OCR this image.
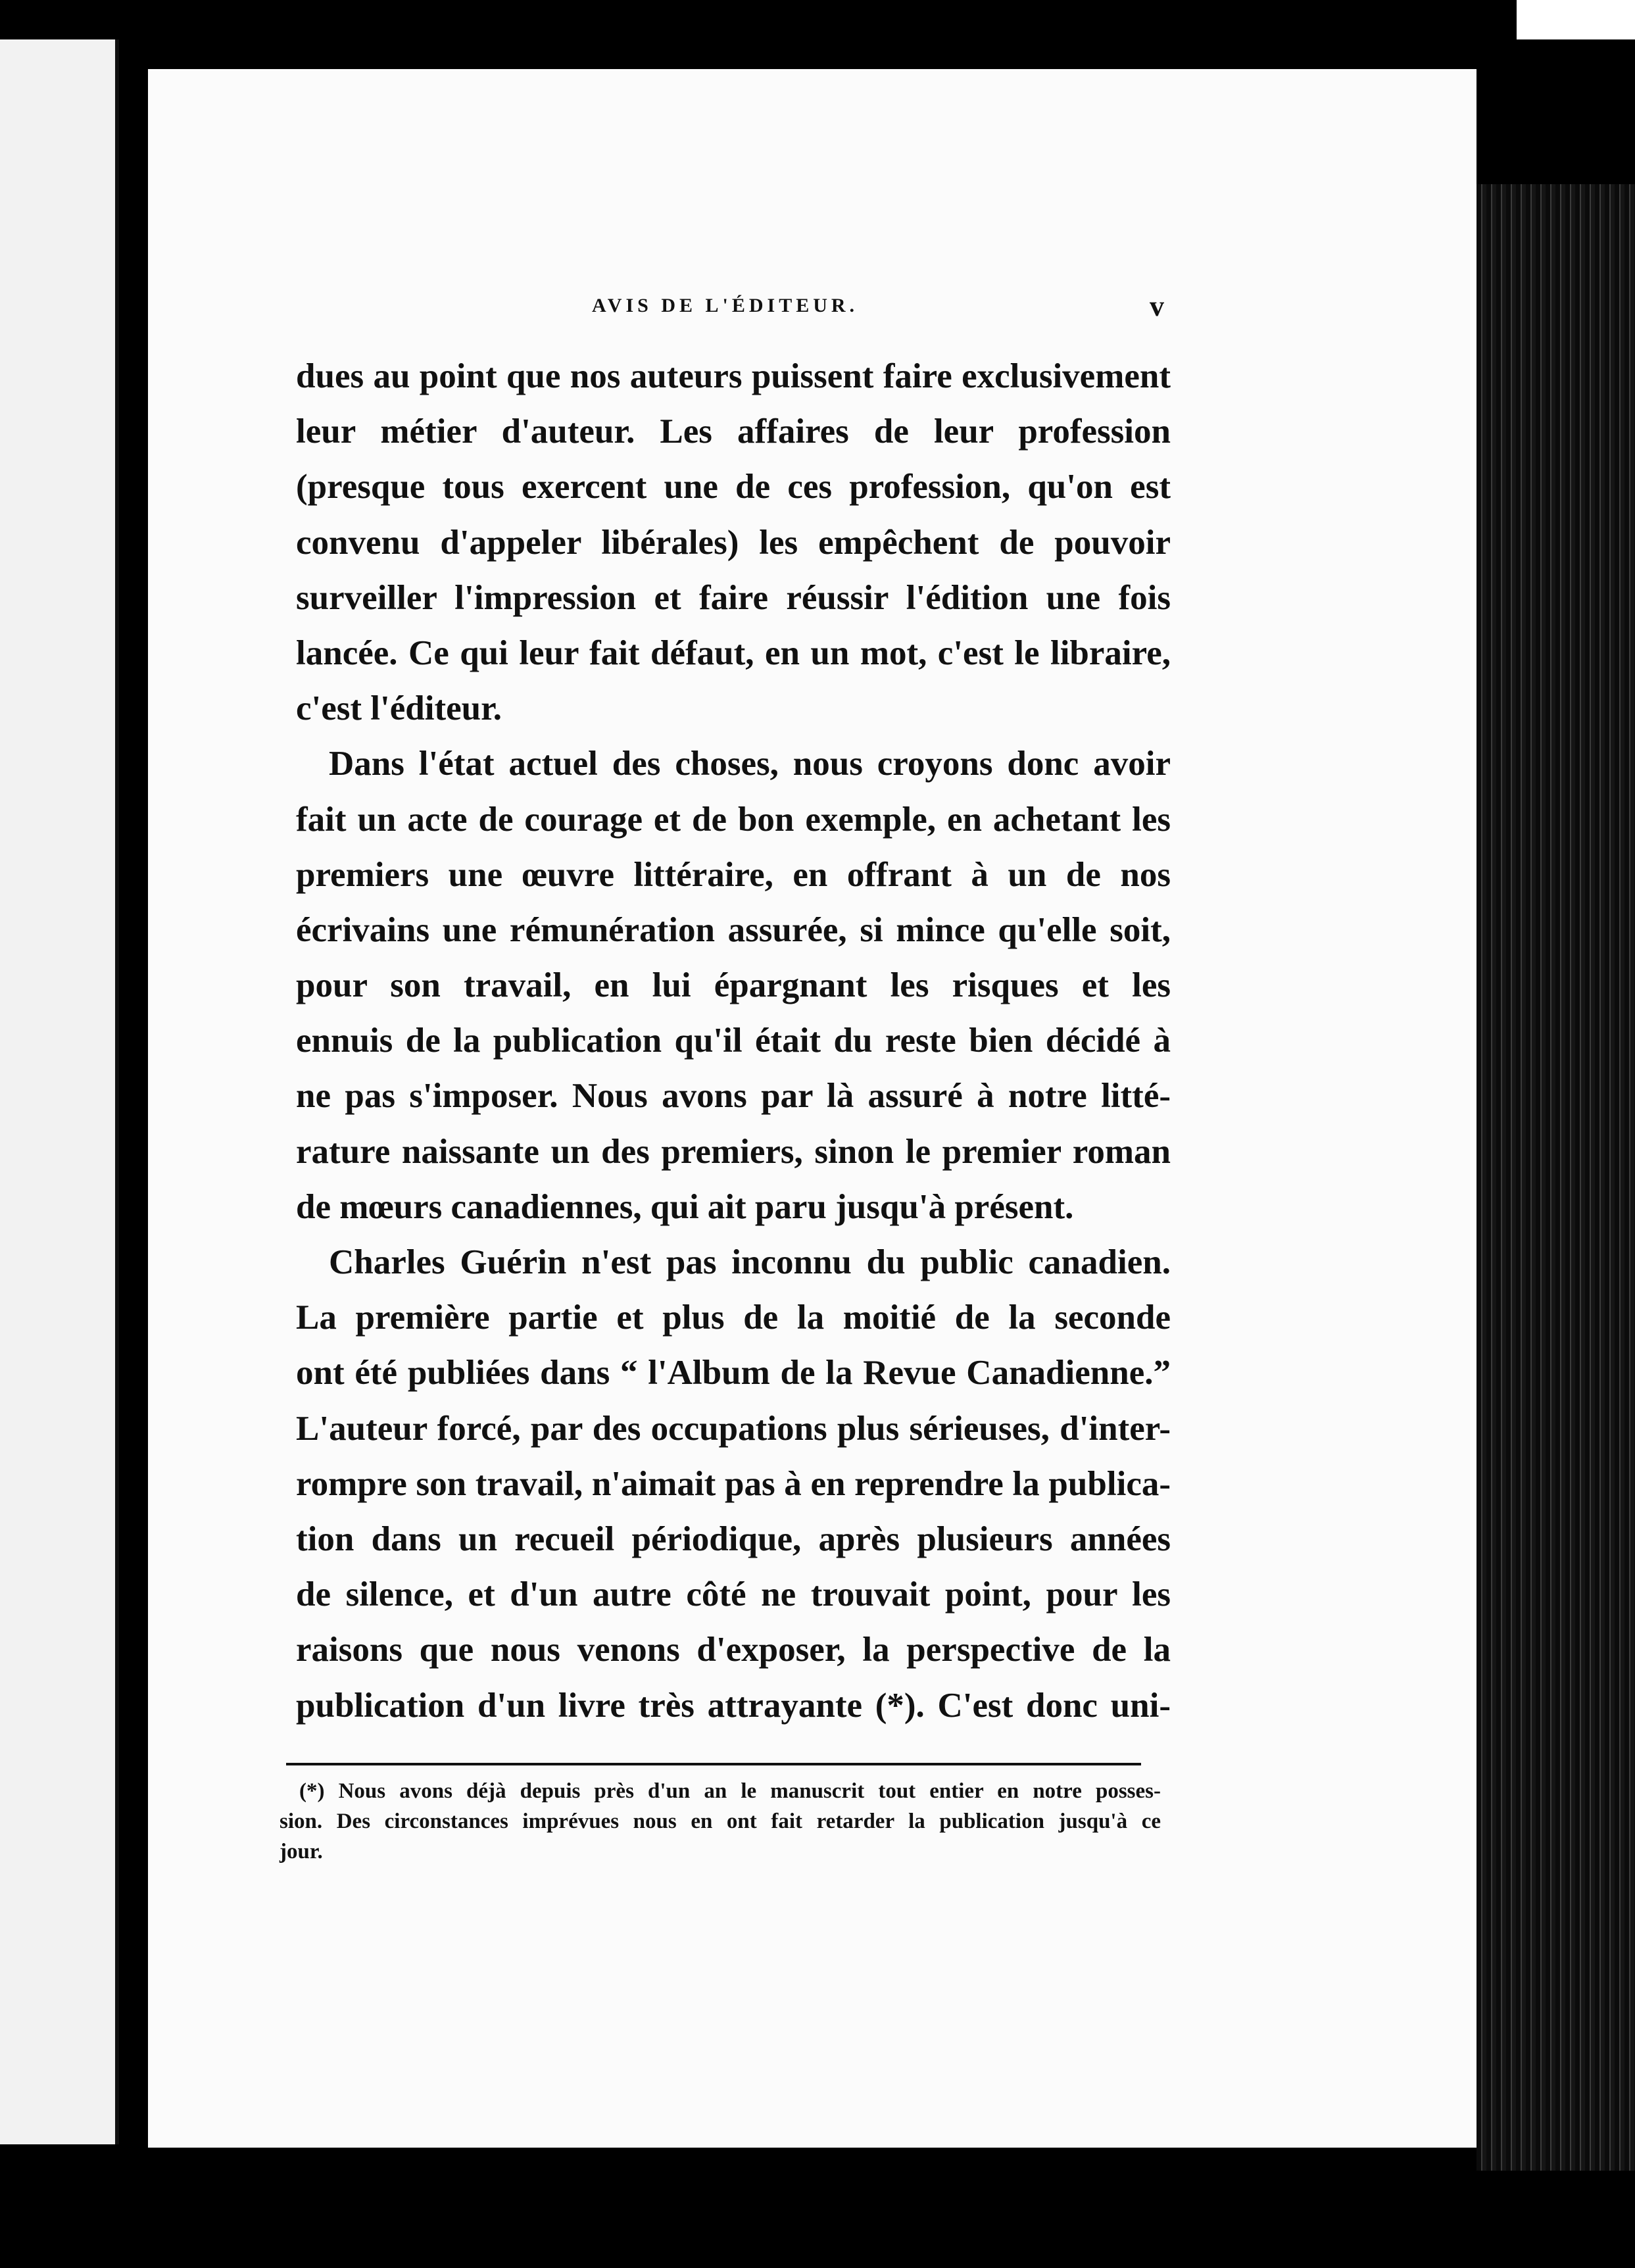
AVIS DE L'ÉDITEUR.	v
dues au point que nos auteurs puissent faire exclusivement
leur métier d'auteur. Les affaires de leur profession
(presque tous exercent une de ces profession, qu'on est
convenu d'appeler libérales) les empêchent de pouvoir
surveiller l'impression et faire réussir l'édition une fois
lancée. Ce qui leur fait défaut, en un mot, c'est le libraire,
c'est l'éditeur.
Dans l'état actuel des choses, nous croyons donc avoir
fait un acte de courage et de bon exemple, en achetant les
premiers une œuvre littéraire, en offrant à un de nos
écrivains une rémunération assurée, si mince qu'elle soit,
pour son travail, en lui épargnant les risques et les
ennuis de la publication qu'il était du reste bien décidé à
ne pas s'imposer. Nous avons par là assuré à notre litté-
rature naissante un des premiers, sinon le premier roman
de mœurs canadiennes, qui ait paru jusqu'à présent.
Charles Guérin n'est pas inconnu du public canadien.
La première partie et plus de la moitié de la seconde
ont été publiées dans “ l'Album de la Revue Canadienne.”
L'auteur forcé, par des occupations plus sérieuses, d'inter-
rompre son travail, n'aimait pas à en reprendre la publica-
tion dans un recueil périodique, après plusieurs années
de silence, et d'un autre côté ne trouvait point, pour les
raisons que nous venons d'exposer, la perspective de la
publication d'un livre très attrayante (*). C'est donc uni-
(*) Nous avons déjà depuis près d'un an le manuscrit tout entier en notre posses-
sion. Des circonstances imprévues nous en ont fait retarder la publication jusqu'à ce
jour.
